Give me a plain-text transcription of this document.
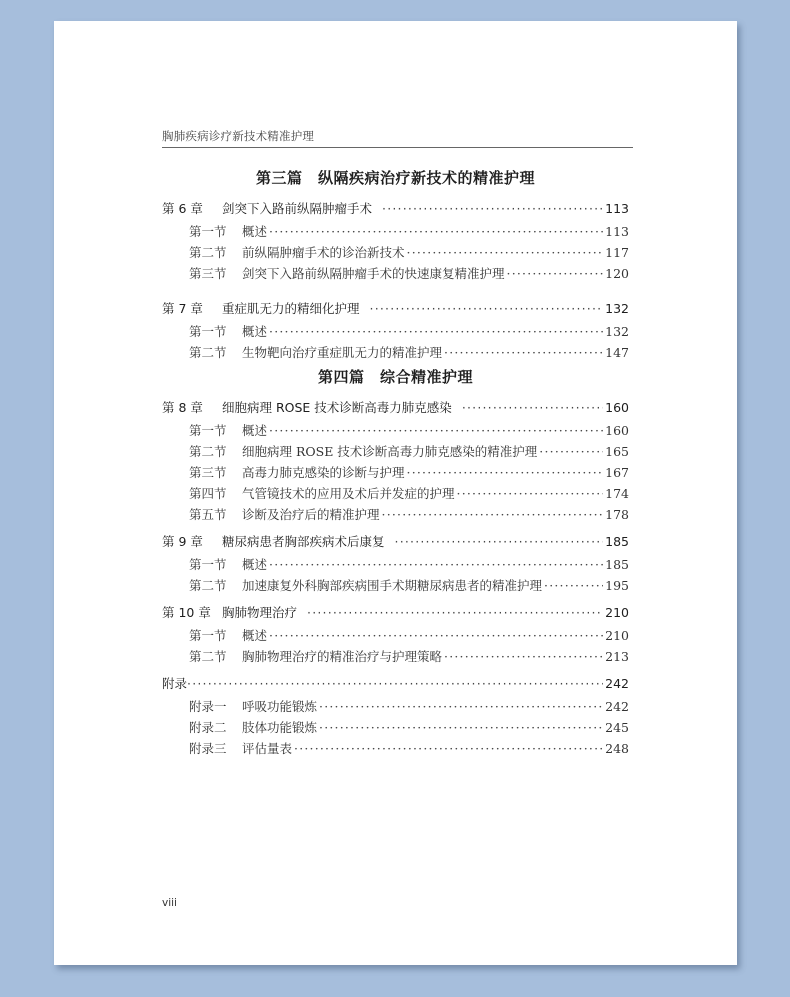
胸肺疾病诊疗新技术精准护理
第三篇　纵隔疾病治疗新技术的精准护理
第 6 章 剑突下入路前纵隔肿瘤手术 ·····	113
第一节 概述 ·····	113
第二节 前纵隔肿瘤手术的诊治新技术 ·····	117
第三节 剑突下入路前纵隔肿瘤手术的快速康复精准护理 ·····	120
第 7 章 重症肌无力的精细化护理 ·····	132
第一节 概述 ·····	132
第二节 生物靶向治疗重症肌无力的精准护理 ·····	147
第四篇　综合精准护理
第 8 章 细胞病理 ROSE 技术诊断高毒力肺克感染 ·····	160
第一节 概述 ·····	160
第二节 细胞病理 ROSE 技术诊断高毒力肺克感染的精准护理 ·····	165
第三节 高毒力肺克感染的诊断与护理 ·····	167
第四节 气管镜技术的应用及术后并发症的护理 ·····	174
第五节 诊断及治疗后的精准护理 ·····	178
第 9 章 糖尿病患者胸部疾病术后康复 ·····	185
第一节 概述 ·····	185
第二节 加速康复外科胸部疾病围手术期糖尿病患者的精准护理 ·····	195
第 10 章 胸肺物理治疗 ·····	210
第一节 概述 ·····	210
第二节 胸肺物理治疗的精准治疗与护理策略 ·····	213
附录 ·····	242
附录一 呼吸功能锻炼 ·····	242
附录二 肢体功能锻炼 ·····	245
附录三 评估量表 ·····	248
viii
